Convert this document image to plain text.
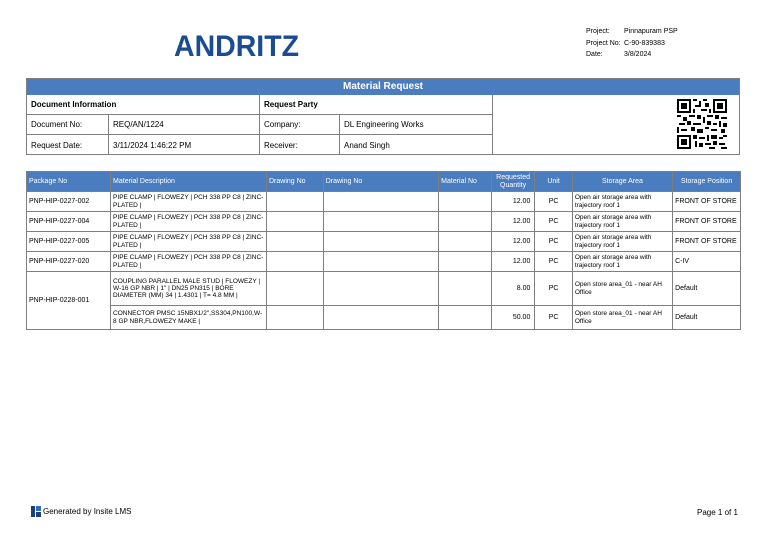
ANDRITZ	Project:	Pinnapuram PSP
Project No: C-90-839383
Date:	3/8/2024
Material Request
Document Information	Request Party
Document No:	REQ/AN/1224	Company:	DL Engineering Works
Request Date:	3/11/2024 1:46:22 PM	Receiver:	Anand Singh
Package No	Material Description	Drawing No	Drawing No	Material No	Requested Quantity	Unit	Storage Area	Storage Position
PNP-HIP-0227-002	PIPE CLAMP | FLOWEZY | PCH 338 PP C8 | ZINC-PLATED |				12.00	PC	Open air storage area with trajectory roof 1	FRONT OF STORE
PNP-HIP-0227-004	PIPE CLAMP | FLOWEZY | PCH 338 PP C8 | ZINC-PLATED |				12.00	PC	Open air storage area with trajectory roof 1	FRONT OF STORE
PNP-HIP-0227-005	PIPE CLAMP | FLOWEZY | PCH 338 PP C8 | ZINC-PLATED |				12.00	PC	Open air storage area with trajectory roof 1	FRONT OF STORE
PNP-HIP-0227-020	PIPE CLAMP | FLOWEZY | PCH 338 PP C8 | ZINC-PLATED |				12.00	PC	Open air storage area with trajectory roof 1	C-IV
PNP-HIP-0228-001	COUPLING PARALLEL MALE STUD | FLOWEZY | W-16 GP NBR | 1" | DN25 PN315 | BORE DIAMETER (MM) 34 | 1.4301 | T= 4.8 MM |				8.00	PC	Open store area_01 - near AH Office	Default
	CONNECTOR PMSC 15NBX1/2",SS304,PN100,W-8 GP NBR,FLOWEZY MAKE |				50.00	PC	Open store area_01 - near AH Office	Default
Generated by Insite LMS	Page 1 of 1
